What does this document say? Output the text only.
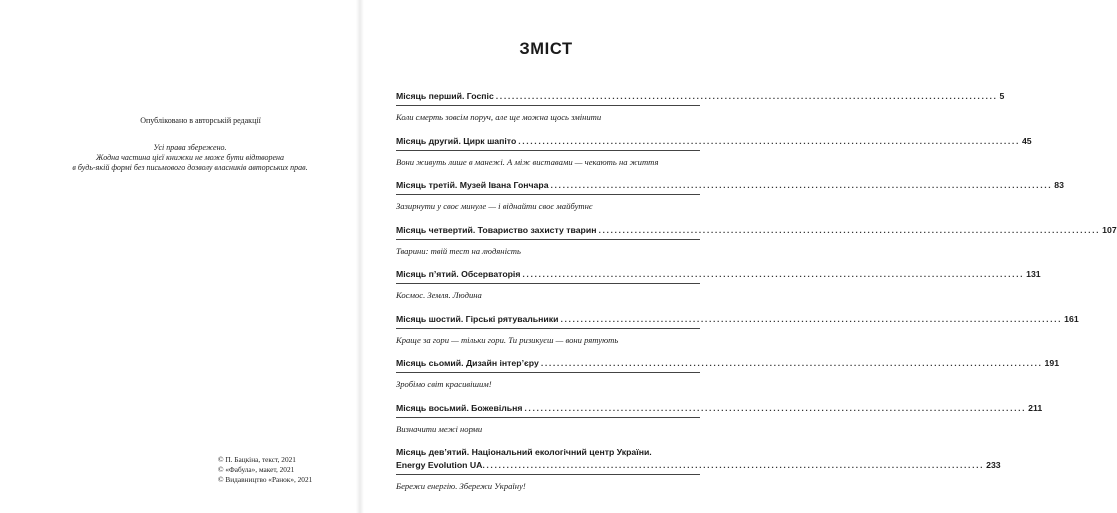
Опубліковано в авторській редакції
Усі права збережено.
Жодна частина цієї книжки не може бути відтворена
в будь-якій формі без письмового дозволу власників авторських прав.
© П. Бацкіна, текст, 2021
© «Фабула», макет, 2021
© Видавництво «Ранок», 2021
ЗМІСТ
Місяць перший. Госпіс ............................................................................................................................. 5
Коли смерть зовсім поруч, але ще можна щось змінити
Місяць другий. Цирк шапіто ............................................................................................................................. 45
Вони живуть лише в манежі. А між виставами — чекають на життя
Місяць третій. Музей Івана Гончара ............................................................................................................................. 83
Зазирнути у своє минуле — і віднайти своє майбутнє
Місяць четвертий. Товариство захисту тварин ............................................................................................................................. 107
Тварини: твій тест на людяність
Місяць п’ятий. Обсерваторія ............................................................................................................................. 131
Космос. Земля. Людина
Місяць шостий. Гірські рятувальники ............................................................................................................................. 161
Краще за гори — тільки гори. Ти ризикуєш — вони рятують
Місяць сьомий. Дизайн інтер’єру ............................................................................................................................. 191
Зробімо світ красивішим!
Місяць восьмий. Божевільня ............................................................................................................................. 211
Визначити межі норми
Місяць дев’ятий. Національний екологічний центр України.
.............................................................................................................................
Energy Evolution UA	233
Бережи енергію. Збережи Україну!
